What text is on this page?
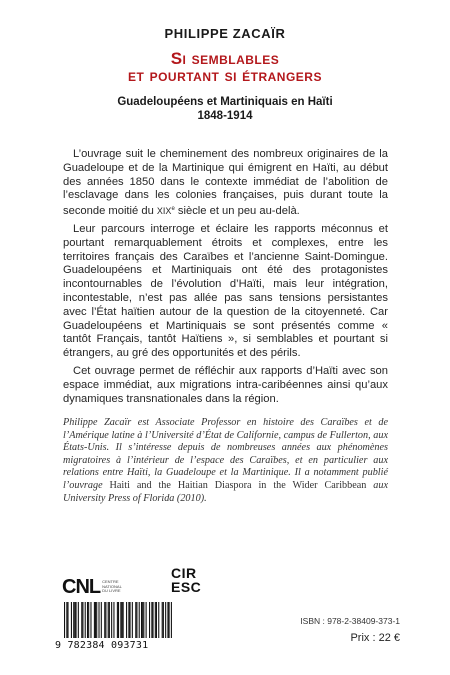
PHILIPPE ZACAÏR
Si semblables
et pourtant si étrangers
Guadeloupéens et Martiniquais en Haïti
1848-1914

L’ouvrage suit le cheminement des nombreux originaires de la Guadeloupe et de la Martinique qui émigrent en Haïti, au début des années 1850 dans le contexte immédiat de l’abolition de l’esclavage dans les colonies françaises, puis durant toute la seconde moitié du XIXe siècle et un peu au-delà.

Leur parcours interroge et éclaire les rapports méconnus et pourtant remarquablement étroits et complexes, entre les territoires français des Caraïbes et l’ancienne Saint-Domingue. Guadeloupéens et Martiniquais ont été des protagonistes incontournables de l’évolution d’Haïti, mais leur intégration, incontestable, n’est pas allée pas sans tensions persistantes avec l’État haïtien autour de la question de la citoyenneté. Car Guadeloupéens et Martiniquais se sont présentés comme « tantôt Français, tantôt Haïtiens », si semblables et pourtant si étrangers, au gré des opportunités et des périls.

Cet ouvrage permet de réfléchir aux rapports d’Haïti avec son espace immédiat, aux migrations intra-caribéennes ainsi qu’aux dynamiques transnationales dans la région.

Philippe Zacaïr est Associate Professor en histoire des Caraïbes et de l’Amérique latine à l’Université d’État de Californie, campus de Fullerton, aux États-Unis. Il s’intéresse depuis de nombreuses années aux phénomènes migratoires à l’intérieur de l’espace des Caraïbes, et en particulier aux relations entre Haïti, la Guadeloupe et la Martinique. Il a notamment publié l’ouvrage Haiti and the Haitian Diaspora in the Wider Caribbean aux University Press of Florida (2010).
CNL CENTRE NATIONAL DU LIVRE
CIR
ESC
9 782384 093731
ISBN : 978-2-38409-373-1
Prix : 22 €
